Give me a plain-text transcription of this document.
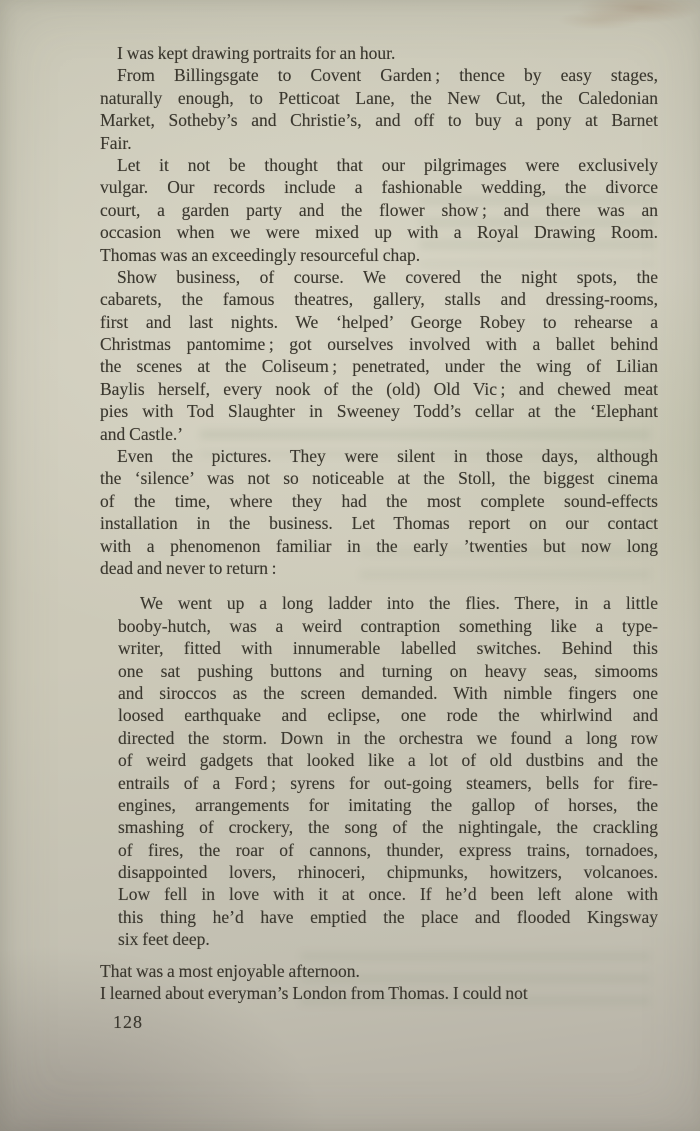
I was kept drawing portraits for an hour.
From Billingsgate to Covent Garden ; thence by easy stages,
naturally enough, to Petticoat Lane, the New Cut, the Caledonian
Market, Sotheby’s and Christie’s, and off to buy a pony at Barnet
Fair.
Let it not be thought that our pilgrimages were exclusively
vulgar. Our records include a fashionable wedding, the divorce
court, a garden party and the flower show ; and there was an
occasion when we were mixed up with a Royal Drawing Room.
Thomas was an exceedingly resourceful chap.
Show business, of course. We covered the night spots, the
cabarets, the famous theatres, gallery, stalls and dressing-rooms,
first and last nights. We ‘helped’ George Robey to rehearse a
Christmas pantomime ; got ourselves involved with a ballet behind
the scenes at the Coliseum ; penetrated, under the wing of Lilian
Baylis herself, every nook of the (old) Old Vic ; and chewed meat
pies with Tod Slaughter in Sweeney Todd’s cellar at the ‘Elephant
and Castle.’
Even the pictures. They were silent in those days, although
the ‘silence’ was not so noticeable at the Stoll, the biggest cinema
of the time, where they had the most complete sound-effects
installation in the business. Let Thomas report on our contact
with a phenomenon familiar in the early ’twenties but now long
dead and never to return :
We went up a long ladder into the flies. There, in a little
booby-hutch, was a weird contraption something like a type-
writer, fitted with innumerable labelled switches. Behind this
one sat pushing buttons and turning on heavy seas, simooms
and siroccos as the screen demanded. With nimble fingers one
loosed earthquake and eclipse, one rode the whirlwind and
directed the storm. Down in the orchestra we found a long row
of weird gadgets that looked like a lot of old dustbins and the
entrails of a Ford ; syrens for out-going steamers, bells for fire-
engines, arrangements for imitating the gallop of horses, the
smashing of crockery, the song of the nightingale, the crackling
of fires, the roar of cannons, thunder, express trains, tornadoes,
disappointed lovers, rhinoceri, chipmunks, howitzers, volcanoes.
Low fell in love with it at once. If he’d been left alone with
this thing he’d have emptied the place and flooded Kingsway
six feet deep.
That was a most enjoyable afternoon.
I learned about everyman’s London from Thomas. I could not
128
